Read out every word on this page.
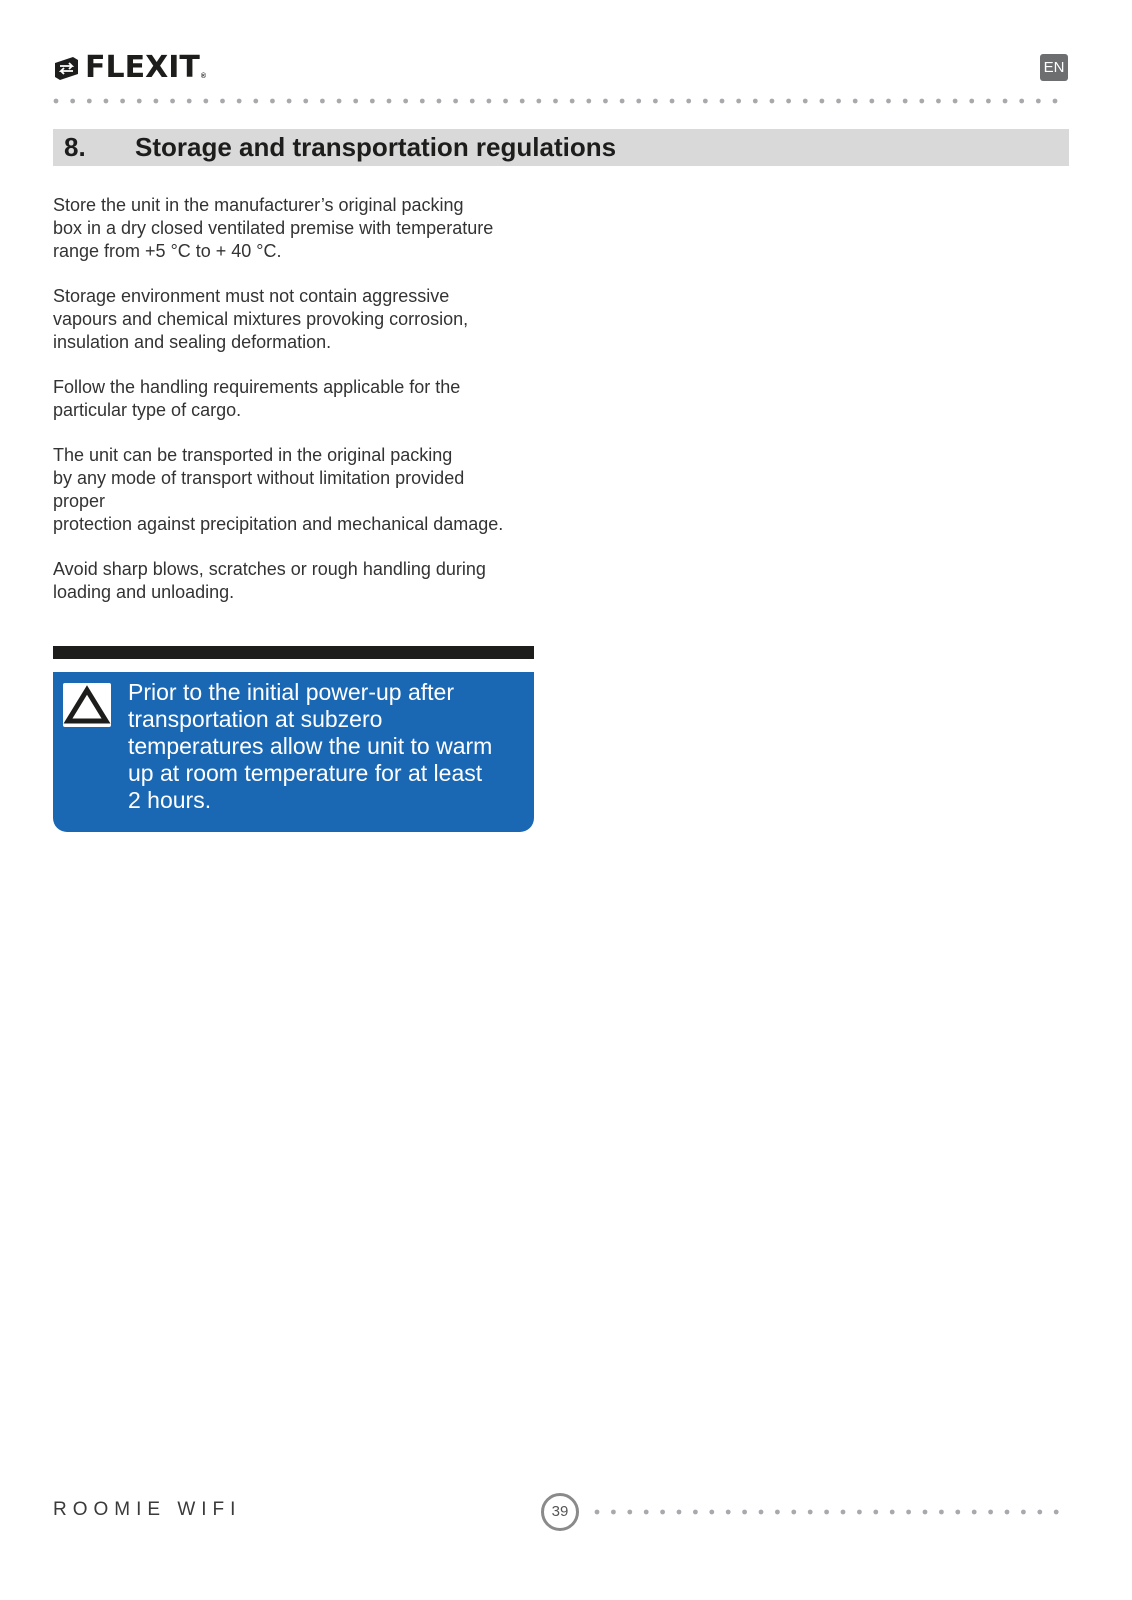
FLEXIT ®
EN
8. Storage and transportation regulations

Store the unit in the manufacturer’s original packing
box in a dry closed ventilated premise with temperature
range from +5 °C to + 40 °C.

Storage environment must not contain aggressive
vapours and chemical mixtures provoking corrosion,
insulation and sealing deformation.

Follow the handling requirements applicable for the
particular type of cargo.

The unit can be transported in the original packing
by any mode of transport without limitation provided
proper
protection against precipitation and mechanical damage.

Avoid sharp blows, scratches or rough handling during
loading and unloading.

Prior to the initial power-up after
transportation at subzero
temperatures allow the unit to warm
up at room temperature for at least
2 hours.
ROOMIE WIFI	39
